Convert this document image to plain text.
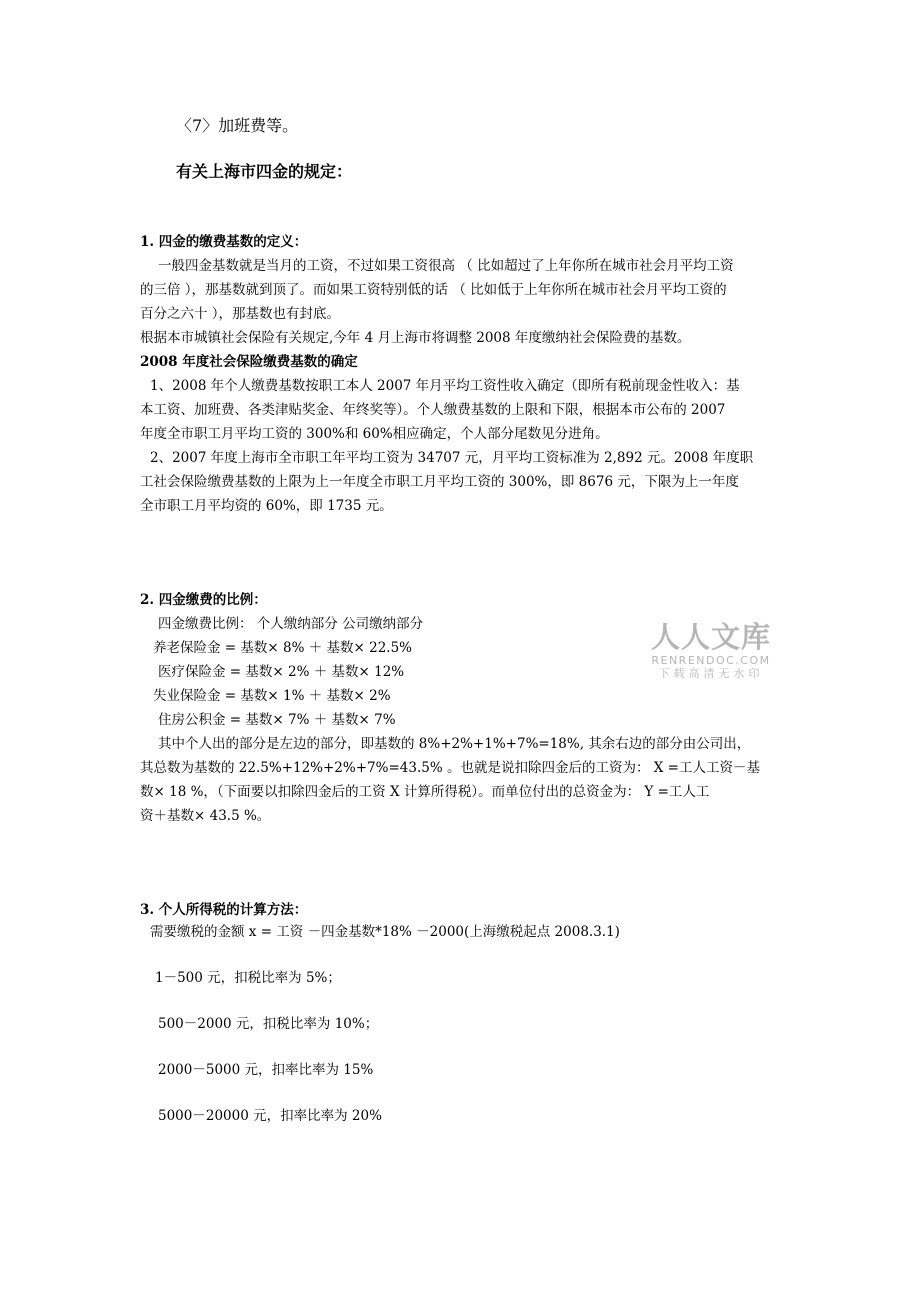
〈7〉加班费等。
有关上海市四金的规定：
1. 四金的缴费基数的定义：
一般四金基数就是当月的工资，不过如果工资很高 （ 比如超过了上年你所在城市社会月平均工资
的三倍 ），那基数就到顶了。而如果工资特别低的话 （ 比如低于上年你所在城市社会月平均工资的
百分之六十 ），那基数也有封底。
根据本市城镇社会保险有关规定,今年 4 月上海市将调整 2008 年度缴纳社会保险费的基数。
2008 年度社会保险缴费基数的确定
1、2008 年个人缴费基数按职工本人 2007 年月平均工资性收入确定（即所有税前现金性收入：基
本工资、加班费、各类津贴奖金、年终奖等）。个人缴费基数的上限和下限，根据本市公布的 2007
年度全市职工月平均工资的 300%和 60%相应确定，个人部分尾数见分进角。
2、2007 年度上海市全市职工年平均工资为 34707 元，月平均工资标准为 2,892 元。2008 年度职
工社会保险缴费基数的上限为上一年度全市职工月平均工资的 300%，即 8676 元，下限为上一年度
全市职工月平均资的 60%，即 1735 元。
2. 四金缴费的比例：
四金缴费比例： 个人缴纳部分 公司缴纳部分
养老保险金 = 基数× 8% ＋ 基数× 22.5%
医疗保险金 = 基数× 2% ＋ 基数× 12%
失业保险金 = 基数× 1% ＋ 基数× 2%
住房公积金 = 基数× 7% ＋ 基数× 7%
其中个人出的部分是左边的部分，即基数的 8%+2%+1%+7%=18%, 其余右边的部分由公司出，
其总数为基数的 22.5%+12%+2%+7%=43.5% 。也就是说扣除四金后的工资为： X =工人工资－基
数× 18 %，（下面要以扣除四金后的工资 X 计算所得税）。而单位付出的总资金为： Y =工人工
资＋基数× 43.5 %。
人人文库
RENRENDOC.COM
下载高清无水印
3. 个人所得税的计算方法：
需要缴税的金额 x = 工资 －四金基数*18% －2000(上海缴税起点 2008.3.1)
1－500 元，扣税比率为 5%；
500－2000 元，扣税比率为 10%；
2000－5000 元，扣率比率为 15%
5000－20000 元，扣率比率为 20%
